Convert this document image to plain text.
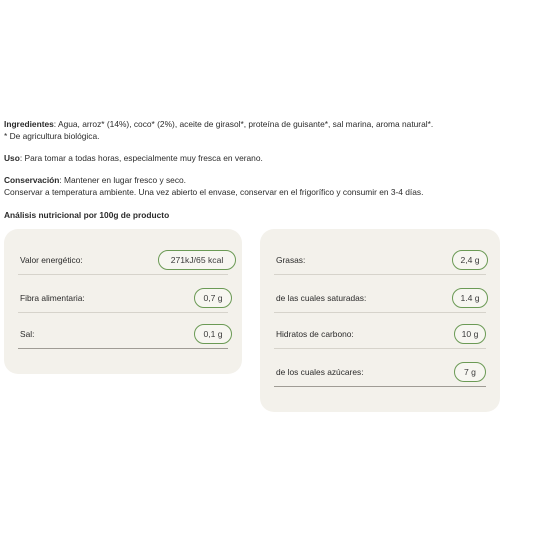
Ingredientes: Agua, arroz* (14%), coco* (2%), aceite de girasol*, proteína de guisante*, sal marina, aroma natural*.
* De agricultura biológica.
Uso: Para tomar a todas horas, especialmente muy fresca en verano.
Conservación: Mantener en lugar fresco y seco.
Conservar a temperatura ambiente. Una vez abierto el envase, conservar en el frigorífico y consumir en 3-4 días.
Análisis nutricional por 100g de producto
Valor energético:	271kJ/65 kcal
Fibra alimentaria:	0,7 g
Sal:	0,1 g
Grasas:	2,4 g
de las cuales saturadas:	1.4 g
Hidratos de carbono:	10 g
de los cuales azúcares:	7 g
